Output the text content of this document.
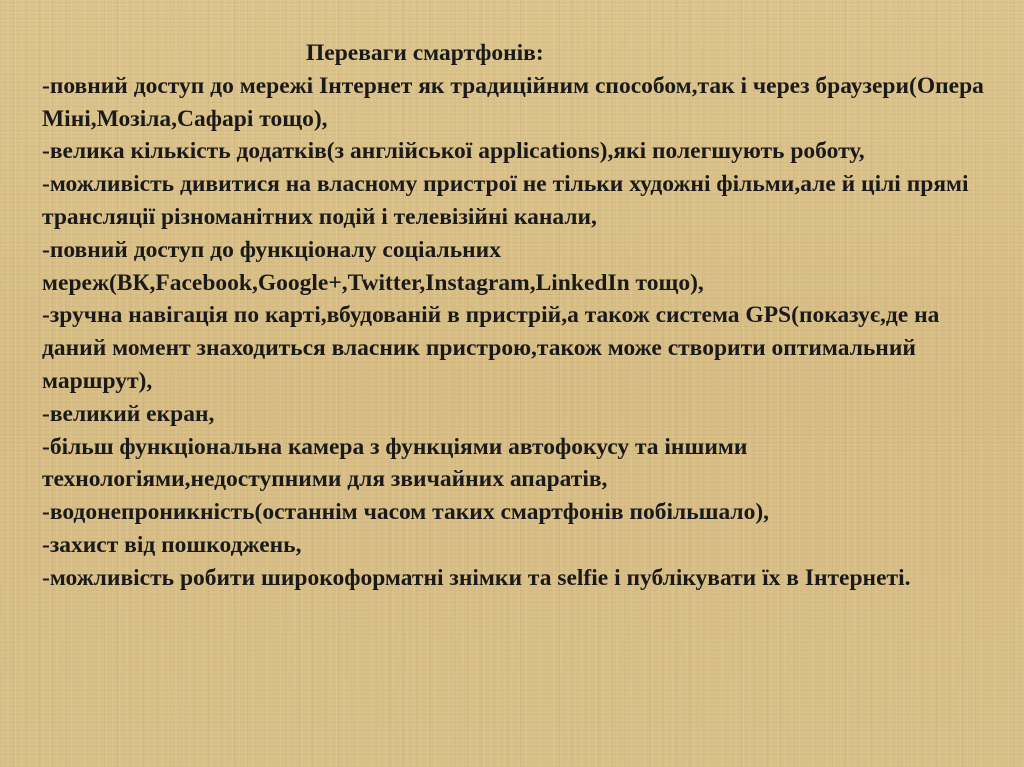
Переваги смартфонів:
-повний доступ до мережі Інтернет як традиційним способом,так і через браузери(Опера Міні,Мозіла,Сафарі тощо),
-велика кількість додатків(з англійської applications),які полегшують роботу,
-можливість дивитися на власному пристрої не тільки художні фільми,але й цілі прямі трансляції різноманітних подій і телевізійні канали,
-повний доступ до функціоналу соціальних мереж(ВК,Facebook,Google+,Twitter,Instagram,LinkedIn тощо),
-зручна навігація по карті,вбудованій в пристрій,а також система GPS(показує,де на даний момент знаходиться власник пристрою,також може створити оптимальний маршрут),
-великий екран,
-більш функціональна камера з функціями автофокусу та іншими технологіями,недоступними для звичайних апаратів,
-водонепроникність(останнім часом таких смартфонів побільшало),
-захист від пошкоджень,
-можливість робити широкоформатні знімки та selfie і публікувати їх в Інтернеті.
